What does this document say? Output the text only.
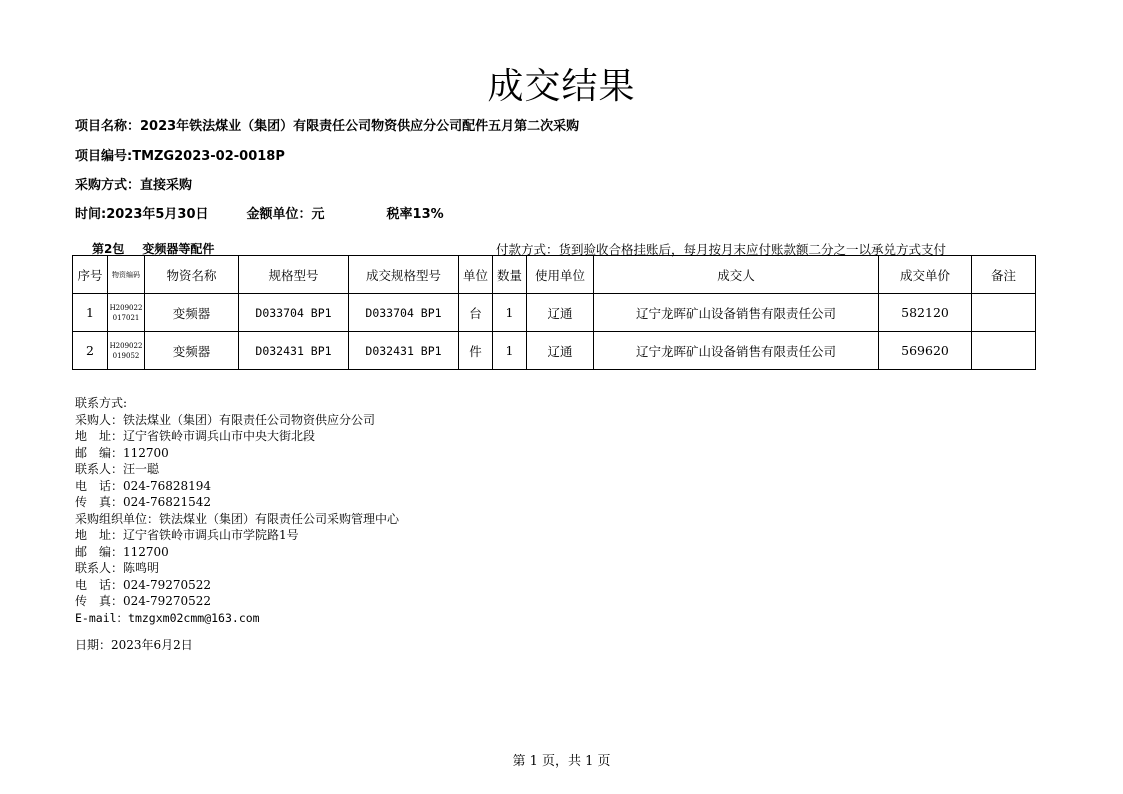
成交结果
项目名称：2023年铁法煤业（集团）有限责任公司物资供应分公司配件五月第二次采购
项目编号:TMZG2023-02-0018P
采购方式：直接采购
时间:2023年5月30日	金额单位：元	税率13%
第2包 变频器等配件	付款方式：货到验收合格挂账后，每月按月末应付账款额二分之一以承兑方式支付
序号	物资编码	物资名称	规格型号	成交规格型号	单位	数量	使用单位	成交人	成交单价	备注
1	H209022017021	变频器	D033704 BP1	D033704 BP1	台	1	辽通	辽宁龙晖矿山设备销售有限责任公司	582120	
2	H209022019052	变频器	D032431 BP1	D032431 BP1	件	1	辽通	辽宁龙晖矿山设备销售有限责任公司	569620	
联系方式:
采购人：铁法煤业（集团）有限责任公司物资供应分公司
地　址：辽宁省铁岭市调兵山市中央大街北段
邮　编：112700
联系人：汪一聪
电　话：024-76828194
传　真：024-76821542
采购组织单位：铁法煤业（集团）有限责任公司采购管理中心
地　址：辽宁省铁岭市调兵山市学院路1号
邮　编：112700
联系人：陈鸣明
电　话：024-79270522
传　真：024-79270522
E-mail：tmzgxm02cmm@163.com
日期：2023年6月2日
第 1 页，共 1 页
